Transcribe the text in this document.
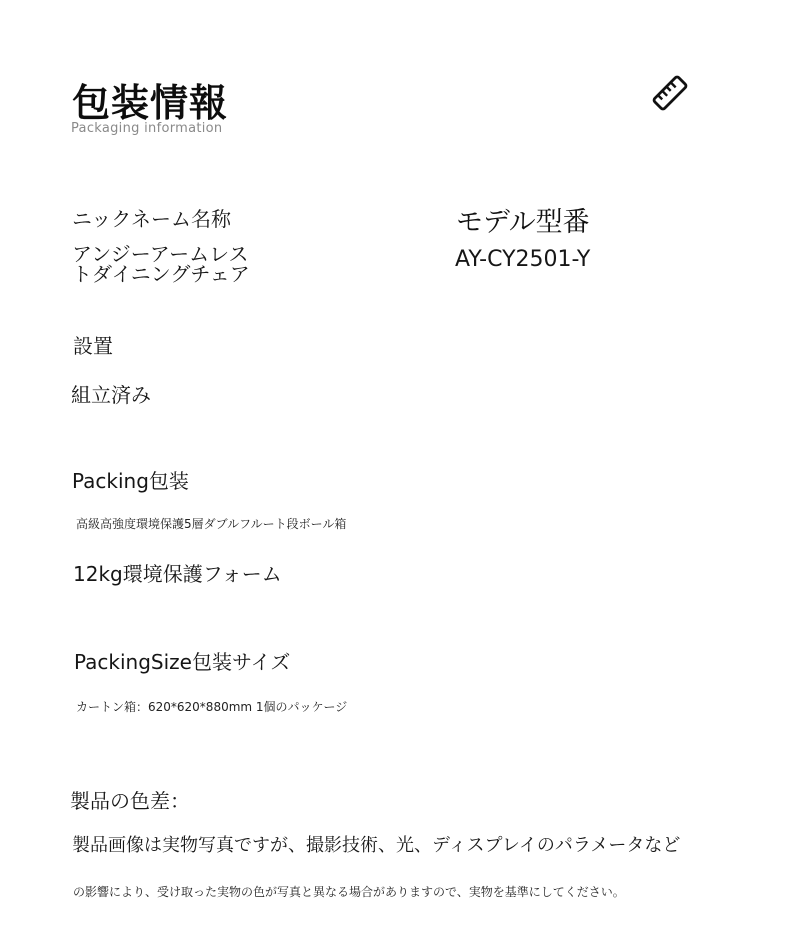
包装情報
Packaging information
ニックネーム名称
アンジーアームレス
トダイニングチェア
モデル型番
AY-CY2501-Y
設置
組立済み
Packing包装
高級高強度環境保護5層ダブルフルート段ボール箱
12kg環境保護フォーム
PackingSize包装サイズ
カートン箱：620*620*880mm 1個のパッケージ
製品の色差：
製品画像は実物写真ですが、撮影技術、光、ディスプレイのパラメータなど
の影響により、受け取った実物の色が写真と異なる場合がありますので、実物を基準にしてください。
